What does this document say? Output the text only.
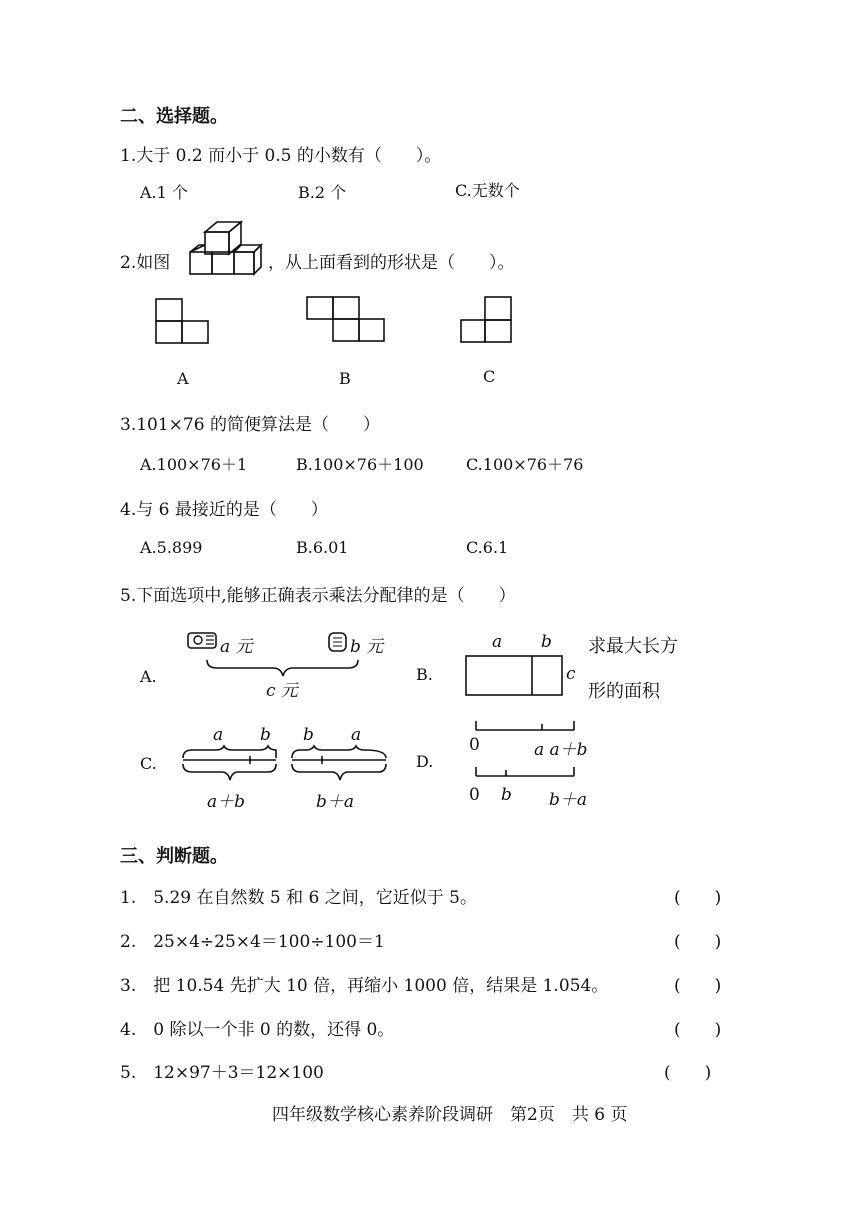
二、选择题。
1.大于 0.2 而小于 0.5 的小数有（　　）。
A.1 个	B.2 个	C.无数个
2.如图	，从上面看到的形状是（　　）。
A	B	C
3.101×76 的简便算法是（　　）
A.100×76＋1	B.100×76＋100	C.100×76＋76
4.与 6 最接近的是（　　）
A.5.899	B.6.01	C.6.1
5.下面选项中,能够正确表示乘法分配律的是（　　）
A.
a 元	b 元
c 元
B.
a b
c
求最大长方
形的面积
C.
a b b a
a＋b	b＋a
D.
0	a a＋b
0 b b＋a
三、判断题。
1.　5.29 在自然数 5 和 6 之间，它近似于 5。	(　　)
2.　25×4÷25×4＝100÷100＝1	(　　)
3.　把 10.54 先扩大 10 倍，再缩小 1000 倍，结果是 1.054。	(　　)
4.　0 除以一个非 0 的数，还得 0。	(　　)
5.　12×97＋3＝12×100	(　　)
四年级数学核心素养阶段调研　第2页　共 6 页
